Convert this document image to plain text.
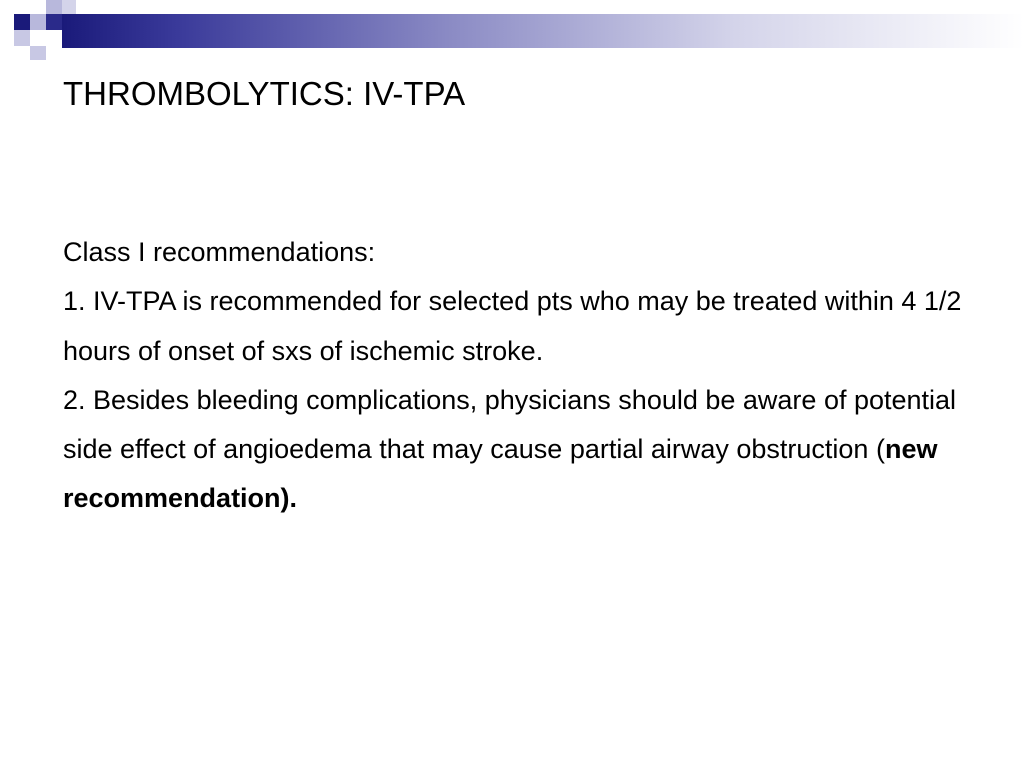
THROMBOLYTICS: IV-TPA

Class I recommendations:

1. IV-TPA is recommended for selected pts who may be treated within 4 1/2 hours of onset of sxs of ischemic stroke.

2. Besides bleeding complications, physicians should be aware of potential side effect of angioedema that may cause partial airway obstruction (new recommendation).
